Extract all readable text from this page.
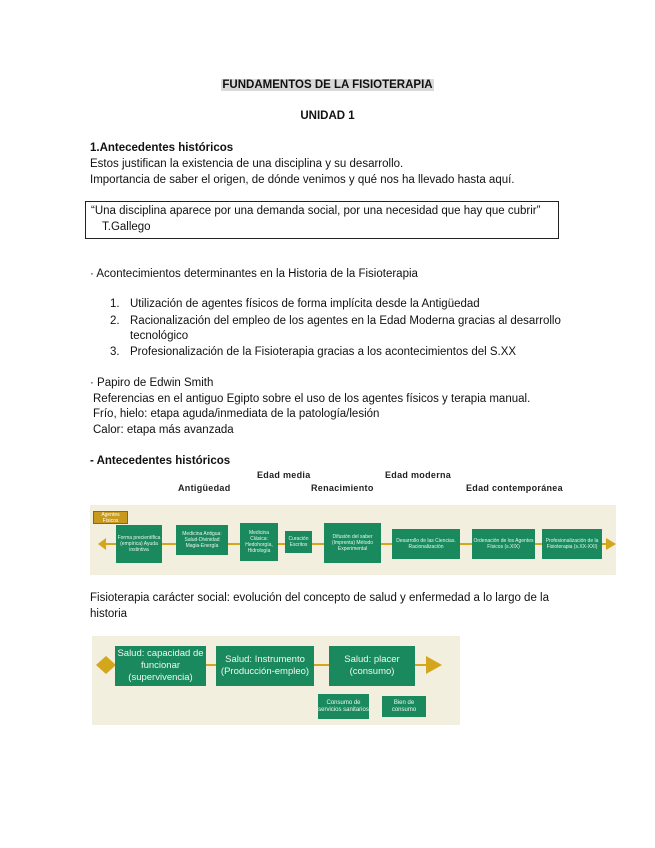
FUNDAMENTOS DE LA FISIOTERAPIA
UNIDAD 1
1.Antecedentes históricos
Estos justifican la existencia de una disciplina y su desarrollo.
Importancia de saber el origen, de dónde venimos y qué nos ha llevado hasta aquí.
“Una disciplina aparece por una demanda social, por una necesidad que hay que cubrir”
T.Gallego
· Acontecimientos determinantes en la Historia de la Fisioterapia
1. Utilización de agentes físicos de forma implícita desde la Antigüedad
2. Racionalización del empleo de los agentes en la Edad Moderna gracias al desarrollo
tecnológico
3. Profesionalización de la Fisioterapia gracias a los acontecimientos del S.XX
· Papiro de Edwin Smith
Referencias en el antiguo Egipto sobre el uso de los agentes físicos y terapia manual.
Frío, hielo: etapa aguda/inmediata de la patología/lesión
Calor: etapa más avanzada
- Antecedentes históricos
Edad media	Edad moderna
Antigüedad	Renacimiento	Edad contemporánea
Agentes Físicos
Forma precientífica (empírica) Ayuda instintiva
Medicina Antigua: Salud-Divinidad Magia-Energía
Medicina Clásica: Hedohorgía, Hidrología
Curación Escritos
Difusión del saber (Imprenta) Método Experimental
Desarrollo de las Ciencias. Racionalización
Ordenación de los Agentes Físicos (s.XIX)
Profesionalización de la Fisioterapia (s.XX-XXI)
Fisioterapia carácter social: evolución del concepto de salud y enfermedad a lo largo de la
historia
Salud: capacidad de funcionar (supervivencia)
Salud: Instrumento (Producción-empleo)
Salud: placer (consumo)
Consumo de servicios sanitarios
Bien de consumo
